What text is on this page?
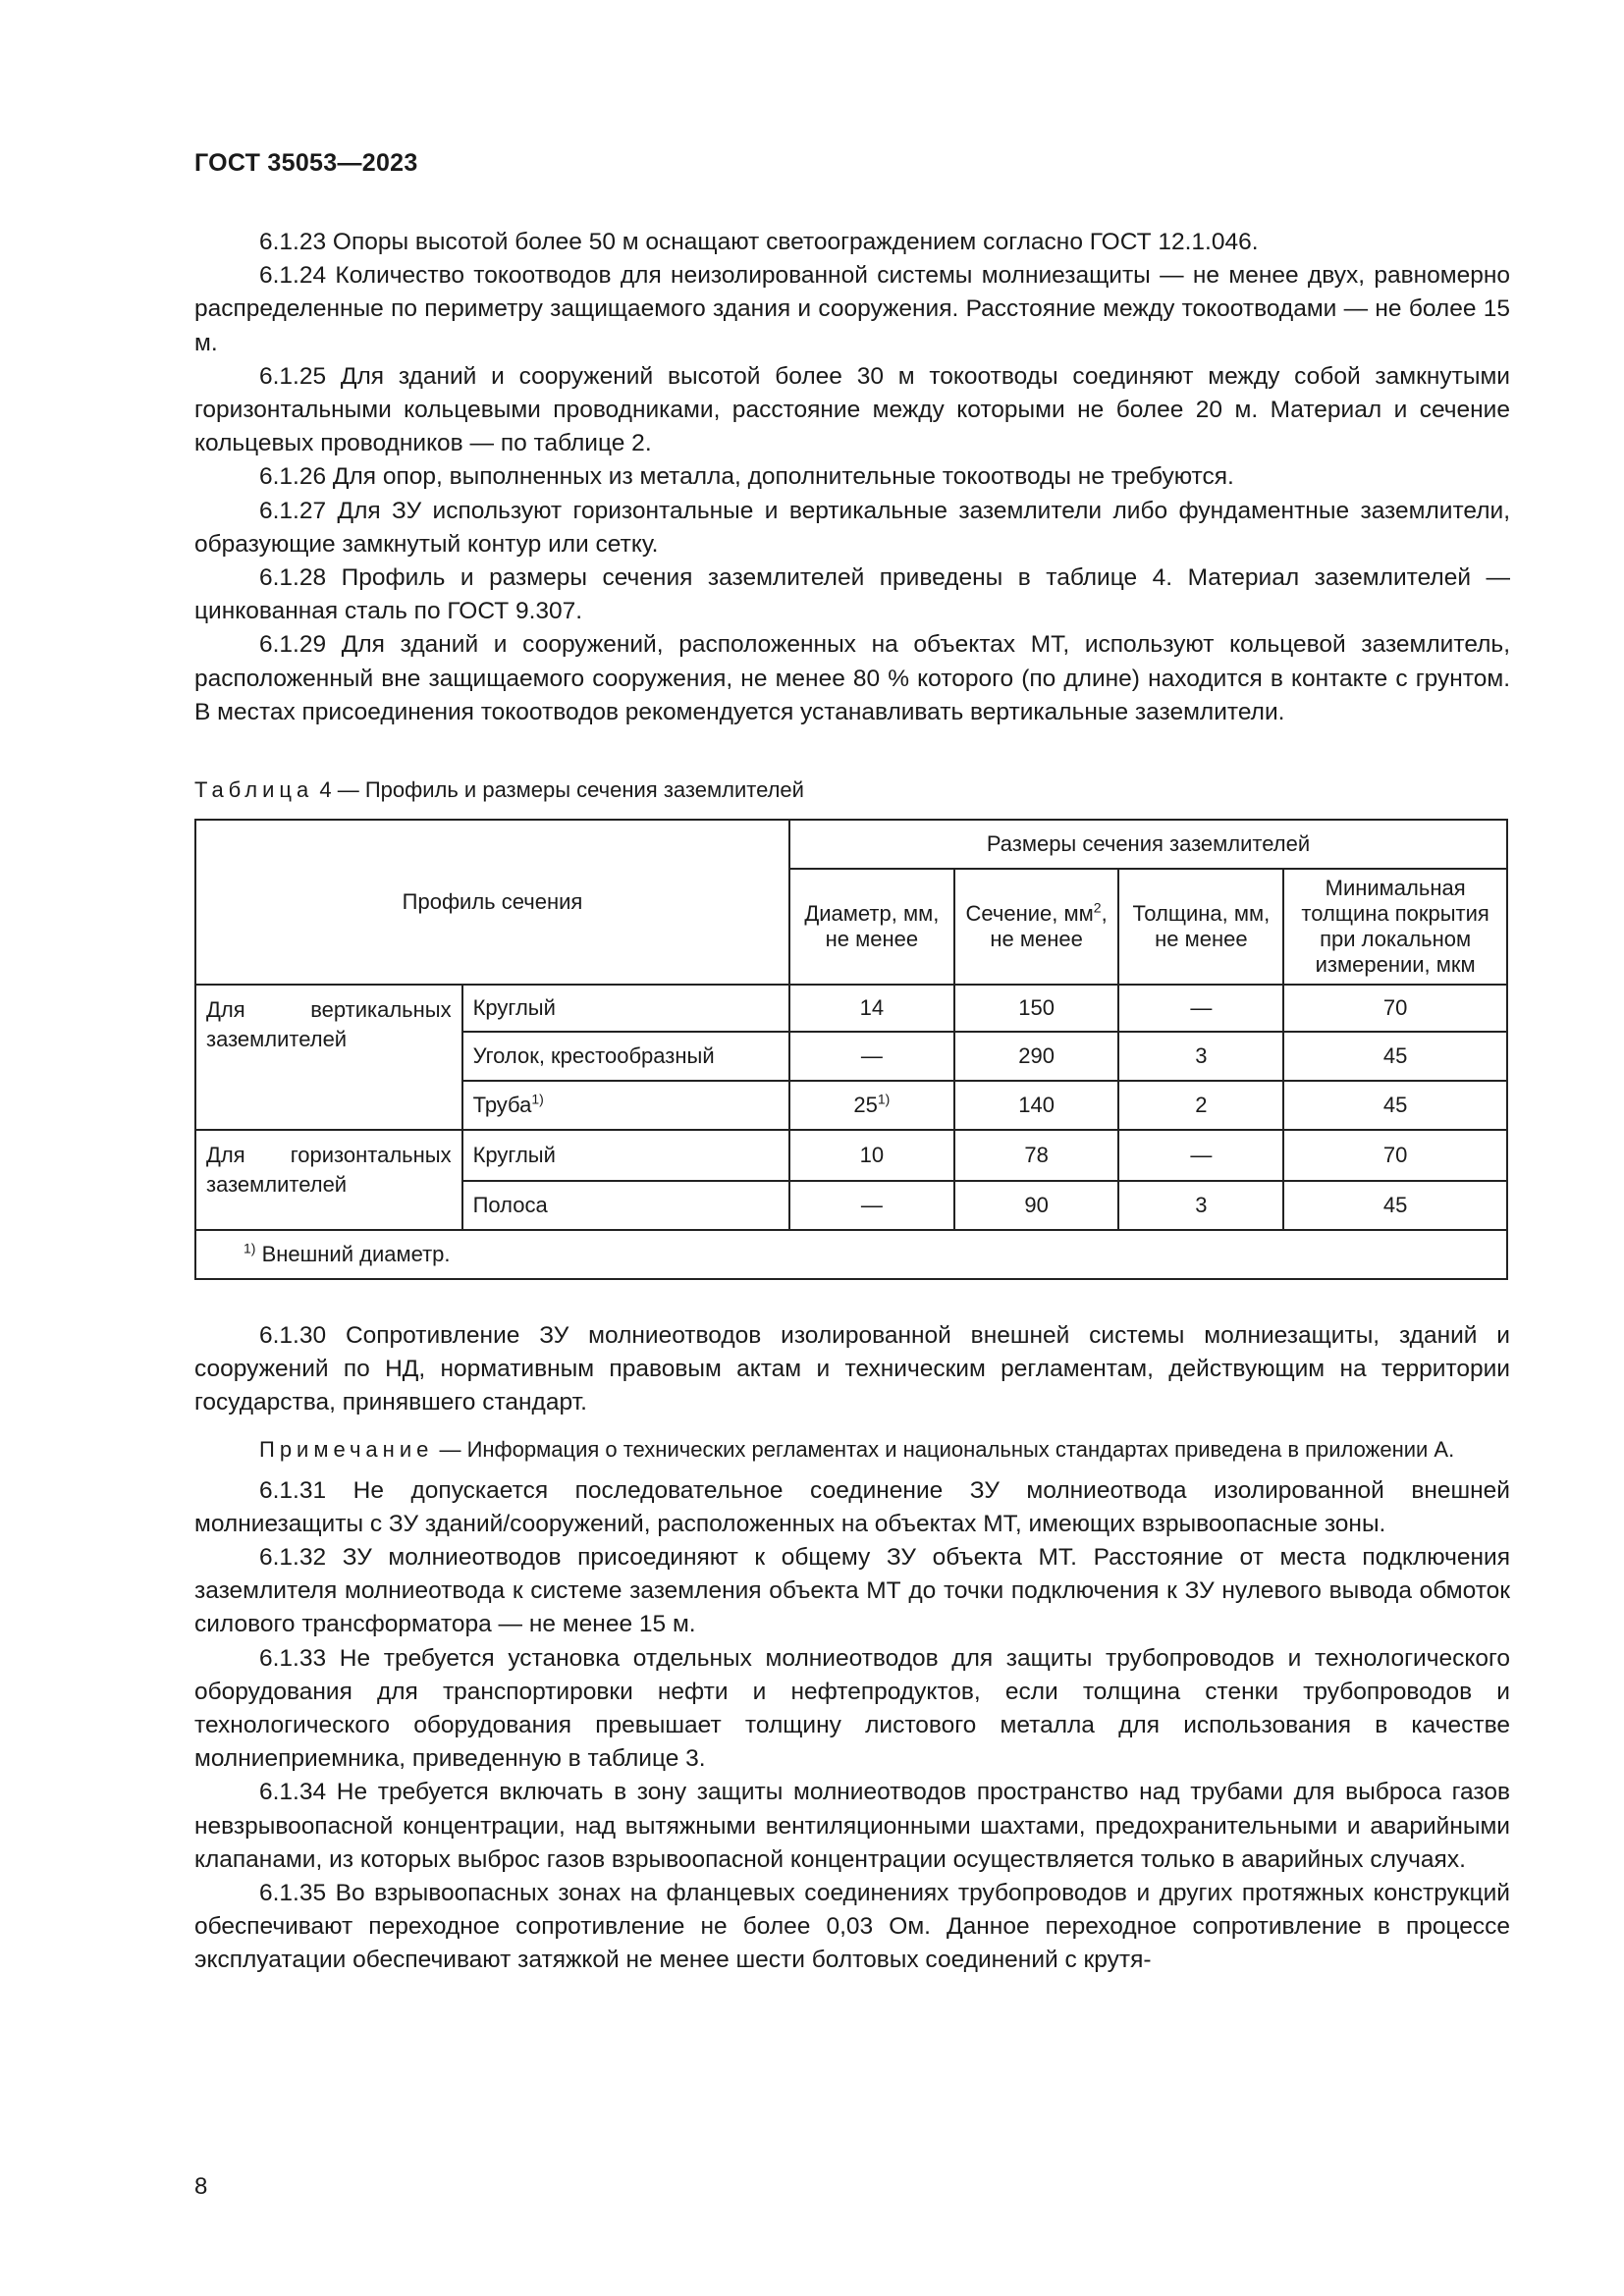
ГОСТ 35053—2023

6.1.23 Опоры высотой более 50 м оснащают светоограждением согласно ГОСТ 12.1.046.

6.1.24 Количество токоотводов для неизолированной системы молниезащиты — не менее двух, равномерно распределенные по периметру защищаемого здания и сооружения. Расстояние между токоотводами — не более 15 м.

6.1.25 Для зданий и сооружений высотой более 30 м токоотводы соединяют между собой замкнутыми горизонтальными кольцевыми проводниками, расстояние между которыми не более 20 м. Материал и сечение кольцевых проводников — по таблице 2.

6.1.26 Для опор, выполненных из металла, дополнительные токоотводы не требуются.

6.1.27 Для ЗУ используют горизонтальные и вертикальные заземлители либо фундаментные заземлители, образующие замкнутый контур или сетку.

6.1.28 Профиль и размеры сечения заземлителей приведены в таблице 4. Материал заземлителей — цинкованная сталь по ГОСТ 9.307.

6.1.29 Для зданий и сооружений, расположенных на объектах МТ, используют кольцевой заземлитель, расположенный вне защищаемого сооружения, не менее 80 % которого (по длине) находится в контакте с грунтом. В местах присоединения токоотводов рекомендуется устанавливать вертикальные заземлители.

Таблица 4 — Профиль и размеры сечения заземлителей
Профиль сечения		Размеры сечения заземлителей			
		Диаметр, мм, не менее	Сечение, $мм^2$, не менее	Толщина, мм, не менее	Минимальная толщина покрытия при локальном измерении, мкм

Для вертикальных
заземлителей	Круглый	14	150	—	70
	Уголок, крестообразный	—	290	3	45
	Труба$^{1)}$	25$^{1)}$	140	2	45

Для горизонтальных
заземлителей	Круглый	10	78	—	70
	Полоса	—	90	3	45
$^{1)}$ Внешний диаметр.					

6.1.30 Сопротивление ЗУ молниеотводов изолированной внешней системы молниезащиты, зданий и сооружений по НД, нормативным правовым актам и техническим регламентам, действующим на территории государства, принявшего стандарт.

Примечание — Информация о технических регламентах и национальных стандартах приведена в приложении А.

6.1.31 Не допускается последовательное соединение ЗУ молниеотвода изолированной внешней молниезащиты с ЗУ зданий/сооружений, расположенных на объектах МТ, имеющих взрывоопасные зоны.

6.1.32 ЗУ молниеотводов присоединяют к общему ЗУ объекта МТ. Расстояние от места подключения заземлителя молниеотвода к системе заземления объекта МТ до точки подключения к ЗУ нулевого вывода обмоток силового трансформатора — не менее 15 м.

6.1.33 Не требуется установка отдельных молниеотводов для защиты трубопроводов и технологического оборудования для транспортировки нефти и нефтепродуктов, если толщина стенки трубопроводов и технологического оборудования превышает толщину листового металла для использования в качестве молниеприемника, приведенную в таблице 3.

6.1.34 Не требуется включать в зону защиты молниеотводов пространство над трубами для выброса газов невзрывоопасной концентрации, над вытяжными вентиляционными шахтами, предохранительными и аварийными клапанами, из которых выброс газов взрывоопасной концентрации осуществляется только в аварийных случаях.

6.1.35 Во взрывоопасных зонах на фланцевых соединениях трубопроводов и других протяжных конструкций обеспечивают переходное сопротивление не более 0,03 Ом. Данное переходное сопротивление в процессе эксплуатации обеспечивают затяжкой не менее шести болтовых соединений с крутя-

8
